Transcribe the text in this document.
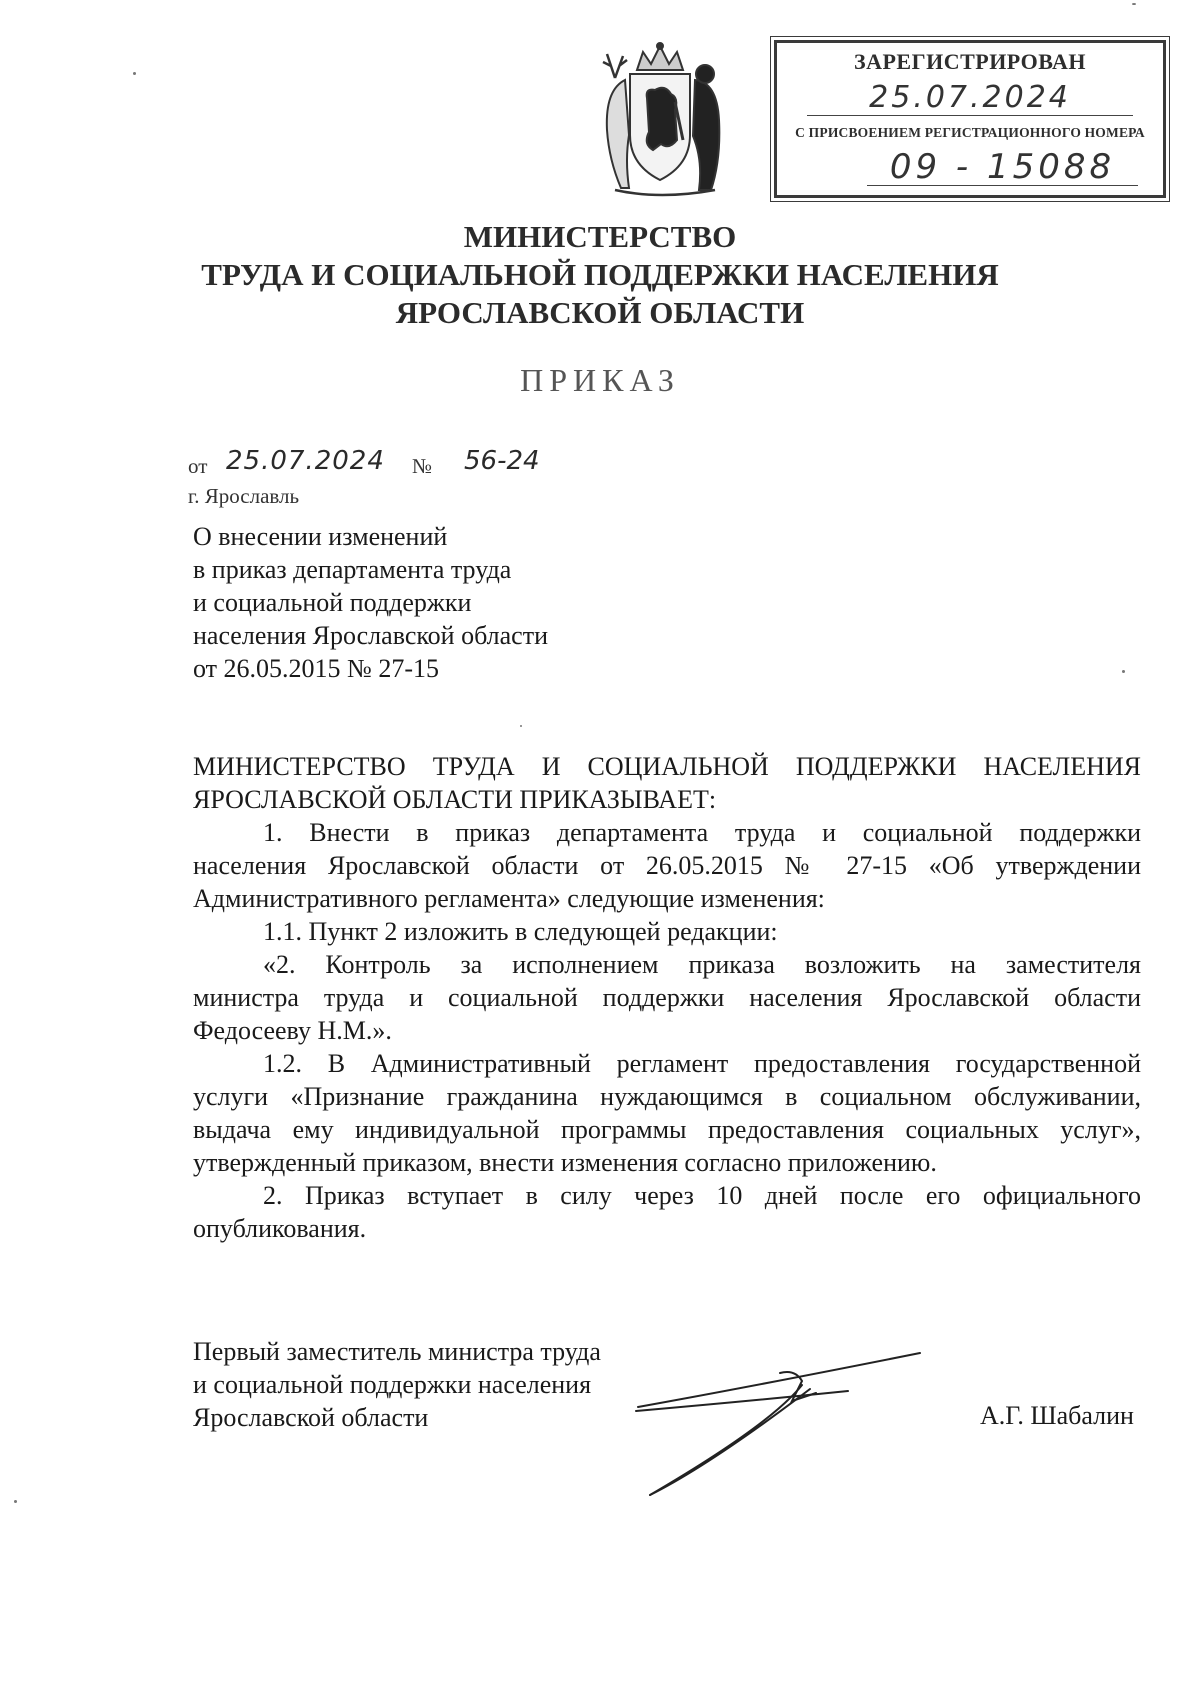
ЗАРЕГИСТРИРОВАН
25.07.2024
С ПРИСВОЕНИЕМ РЕГИСТРАЦИОННОГО НОМЕРА
09 - 15088
МИНИСТЕРСТВО
ТРУДА И СОЦИАЛЬНОЙ ПОДДЕРЖКИ НАСЕЛЕНИЯ
ЯРОСЛАВСКОЙ ОБЛАСТИ
ПРИКАЗ
от 25.07.2024 № 56-24
г. Ярославль
О внесении изменений
в приказ департамента труда
и социальной поддержки
населения Ярославской области
от 26.05.2015 № 27-15
МИНИСТЕРСТВО ТРУДА И СОЦИАЛЬНОЙ ПОДДЕРЖКИ НАСЕЛЕНИЯ
ЯРОСЛАВСКОЙ ОБЛАСТИ ПРИКАЗЫВАЕТ:
1. Внести в приказ департамента труда и социальной поддержки
населения Ярославской области от 26.05.2015 № 27-15 «Об утверждении
Административного регламента» следующие изменения:
1.1. Пункт 2 изложить в следующей редакции:
«2. Контроль за исполнением приказа возложить на заместителя
министра труда и социальной поддержки населения Ярославской области
Федосееву Н.М.».
1.2. В Административный регламент предоставления государственной
услуги «Признание гражданина нуждающимся в социальном обслуживании,
выдача ему индивидуальной программы предоставления социальных услуг»,
утвержденный приказом, внести изменения согласно приложению.
2. Приказ вступает в силу через 10 дней после его официального
опубликования.
Первый заместитель министра труда
и социальной поддержки населения
Ярославской области	А.Г. Шабалин
